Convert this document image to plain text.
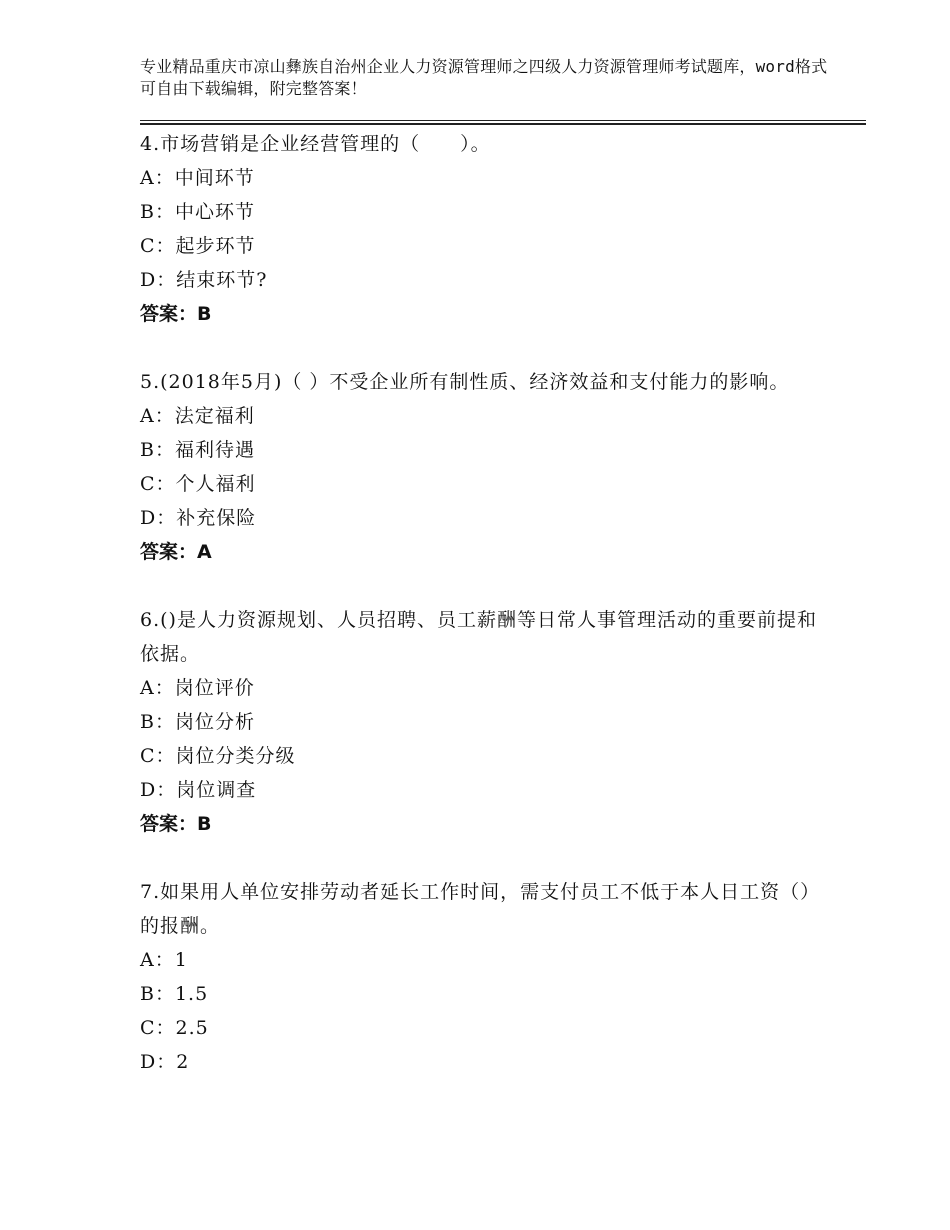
专业精品重庆市凉山彝族自治州企业人力资源管理师之四级人力资源管理师考试题库，word格式可自由下载编辑，附完整答案！

4.市场营销是企业经营管理的（　　）。

A：中间环节

B：中心环节

C：起步环节

D：结束环节?

答案：B

5.(2018年5月)（ ）不受企业所有制性质、经济效益和支付能力的影响。

A：法定福利

B：福利待遇

C：个人福利

D：补充保险

答案：A

6.()是人力资源规划、人员招聘、员工薪酬等日常人事管理活动的重要前提和依据。

A：岗位评价

B：岗位分析

C：岗位分类分级

D：岗位调查

答案：B

7.如果用人单位安排劳动者延长工作时间，需支付员工不低于本人日工资（）的报酬。

A：1

B：1.5

C：2.5

D：2
